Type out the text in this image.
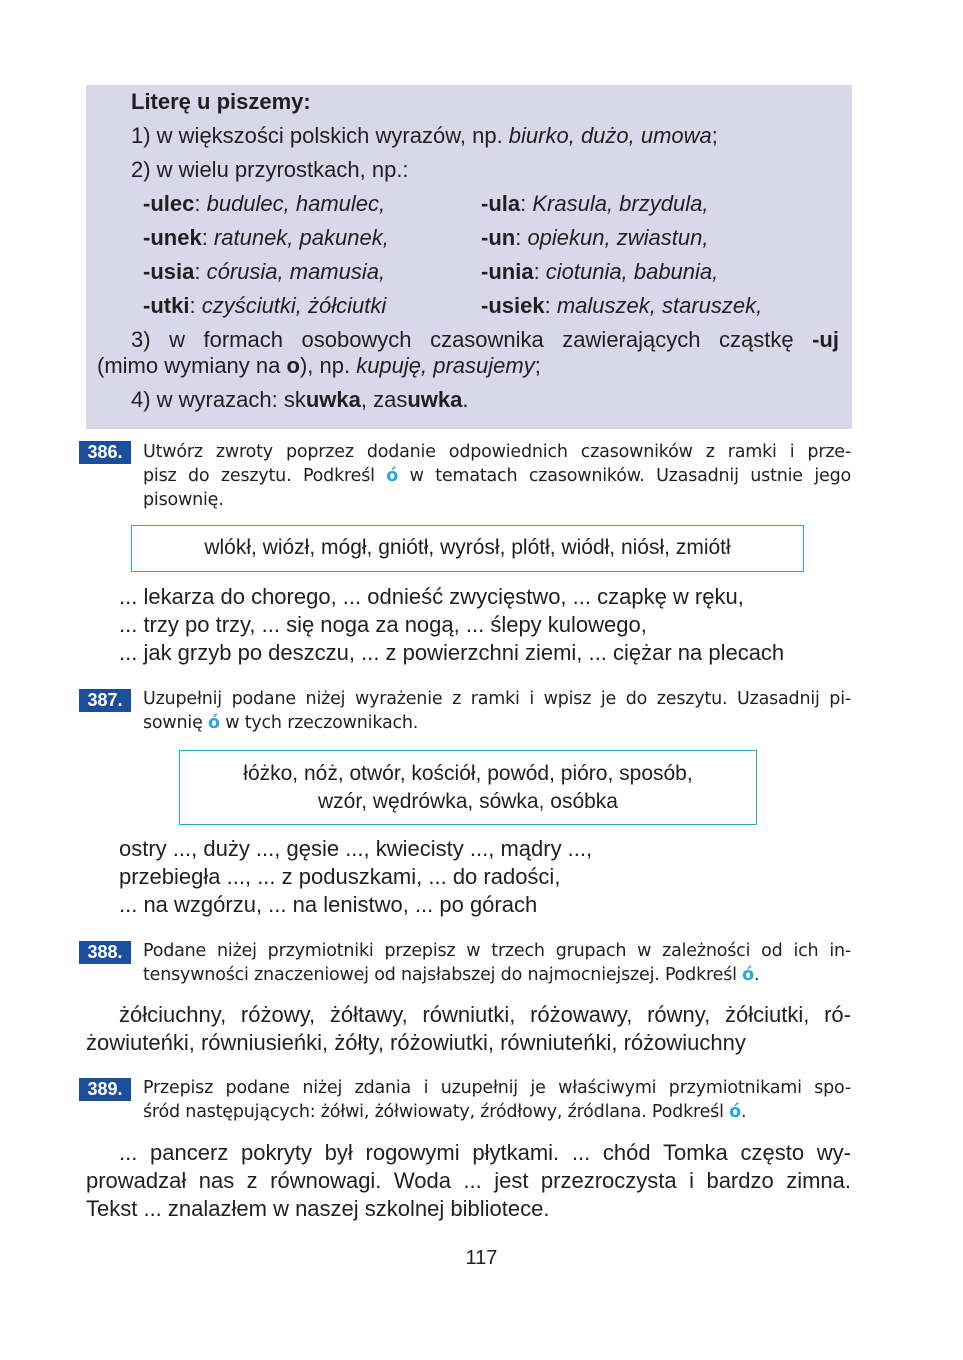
Literę u piszemy:
1) w większości polskich wyrazów, np. biurko, dużo, umowa;
2) w wielu przyrostkach, np.:
-ulec: budulec, hamulec,	-ula: Krasula, brzydula,
-unek: ratunek, pakunek,	-un: opiekun, zwiastun,
-usia: córusia, mamusia,	-unia: ciotunia, babunia,
-utki: czyściutki, żółciutki	-usiek: maluszek, staruszek,
3) w formach osobowych czasownika zawierających cząstkę -uj
(mimo wymiany na o), np. kupuję, prasujemy;
4) w wyrazach: skuwka, zasuwka.
386.	Utwórz zwroty poprzez dodanie odpowiednich czasowników z ramki i prze-
pisz do zeszytu. Podkreśl ó w tematach czasowników. Uzasadnij ustnie jego
pisownię.
wlókł, wiózł, mógł, gniótł, wyrósł, plótł, wiódł, niósł, zmiótł
... lekarza do chorego, ... odnieść zwycięstwo, ... czapkę w ręku,
... trzy po trzy, ... się noga za nogą, ... ślepy kulowego,
... jak grzyb po deszczu, ... z powierzchni ziemi, ... ciężar na plecach
387.	Uzupełnij podane niżej wyrażenie z ramki i wpisz je do zeszytu. Uzasadnij pi-
sownię ó w tych rzeczownikach.
łóżko, nóż, otwór, kościół, powód, pióro, sposób,
wzór, wędrówka, sówka, osóbka
ostry ..., duży ..., gęsie ..., kwiecisty ..., mądry ...,
przebiegła ..., ... z poduszkami, ... do radości,
... na wzgórzu, ... na lenistwo, ... po górach
388.	Podane niżej przymiotniki przepisz w trzech grupach w zależności od ich in-
tensywności znaczeniowej od najsłabszej do najmocniejszej. Podkreśl ó.
żółciuchny, różowy, żółtawy, równiutki, różowawy, równy, żółciutki, ró-
żowiuteńki, równiusieńki, żółty, różowiutki, równiuteńki, różowiuchny
389.	Przepisz podane niżej zdania i uzupełnij je właściwymi przymiotnikami spo-
śród następujących: żółwi, żółwiowaty, źródłowy, źródlana. Podkreśl ó.
... pancerz pokryty był rogowymi płytkami. ... chód Tomka często wy-
prowadzał nas z równowagi. Woda ... jest przezroczysta i bardzo zimna.
Tekst ... znalazłem w naszej szkolnej bibliotece.
117
